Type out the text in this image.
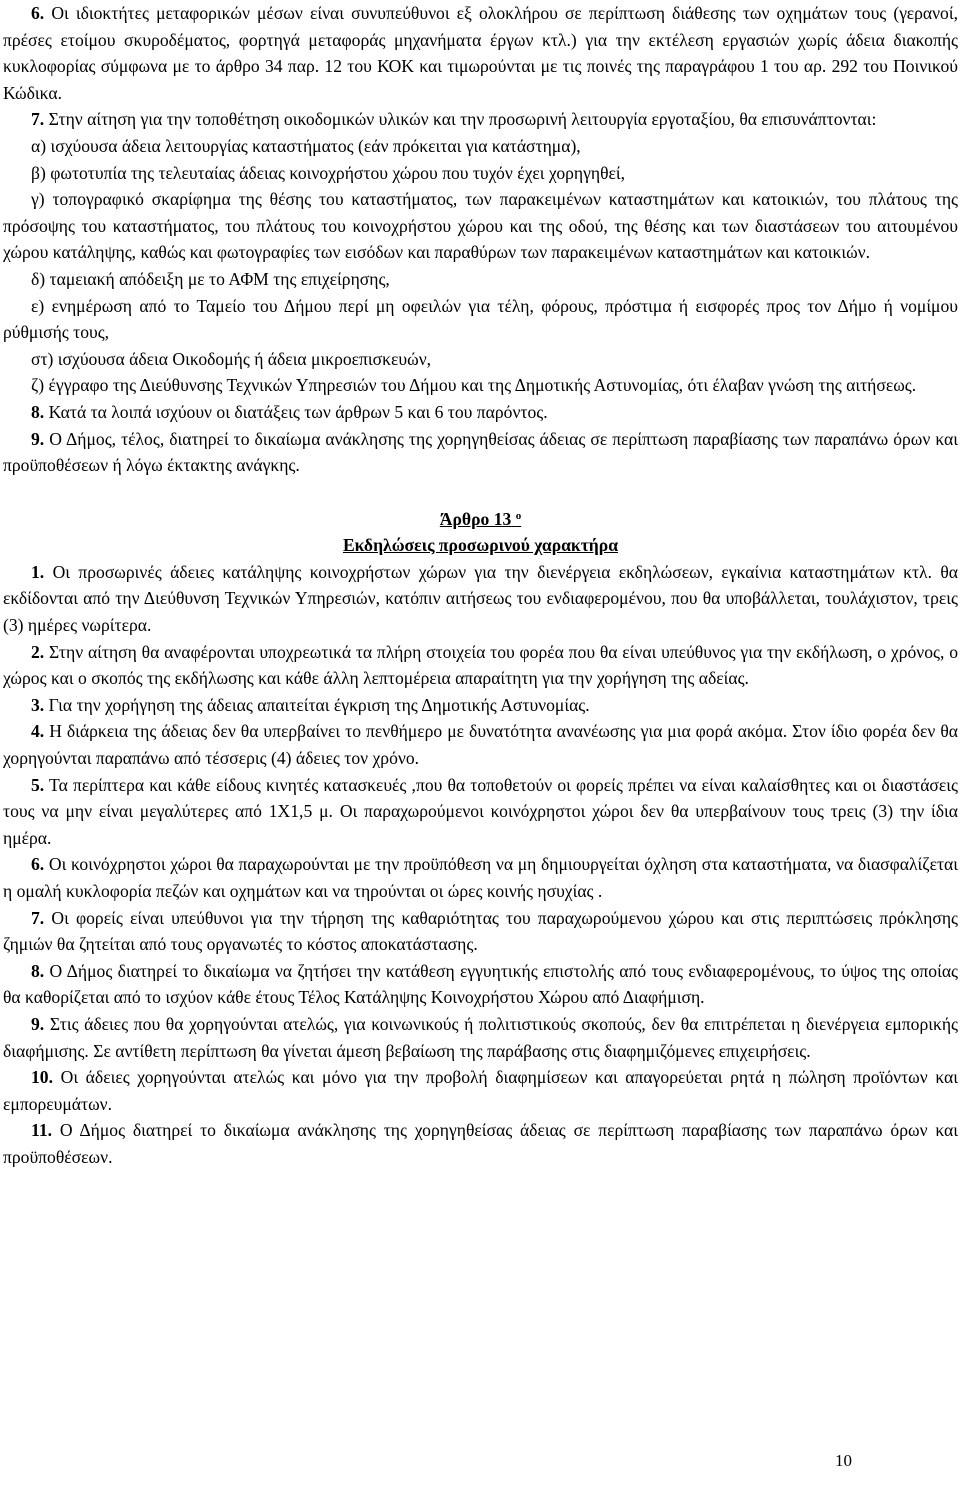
6. Οι ιδιοκτήτες μεταφορικών μέσων είναι συνυπεύθυνοι εξ ολοκλήρου σε περίπτωση διάθεσης των οχημάτων τους (γερανοί, πρέσες ετοίμου σκυροδέματος, φορτηγά μεταφοράς μηχανήματα έργων κτλ.) για την εκτέλεση εργασιών χωρίς άδεια διακοπής κυκλοφορίας σύμφωνα με το άρθρο 34 παρ. 12 του ΚΟΚ και τιμωρούνται με τις ποινές της παραγράφου 1 του αρ. 292 του Ποινικού Κώδικα.

7. Στην αίτηση για την τοποθέτηση οικοδομικών υλικών και την προσωρινή λειτουργία εργοταξίου, θα επισυνάπτονται:

α) ισχύουσα άδεια λειτουργίας καταστήματος (εάν πρόκειται για κατάστημα),

β) φωτοτυπία της τελευταίας άδειας κοινοχρήστου χώρου που τυχόν έχει χορηγηθεί,

γ) τοπογραφικό σκαρίφημα της θέσης του καταστήματος, των παρακειμένων καταστημάτων και κατοικιών, του πλάτους της πρόσοψης του καταστήματος, του πλάτους του κοινοχρήστου χώρου και της οδού, της θέσης και των διαστάσεων του αιτουμένου χώρου κατάληψης, καθώς και φωτογραφίες των εισόδων και παραθύρων των παρακειμένων καταστημάτων και κατοικιών.

δ) ταμειακή απόδειξη με το ΑΦΜ της επιχείρησης,

ε) ενημέρωση από το Ταμείο του Δήμου περί μη οφειλών για τέλη, φόρους, πρόστιμα ή εισφορές προς τον Δήμο ή νομίμου ρύθμισής τους,

στ) ισχύουσα άδεια Οικοδομής ή άδεια μικροεπισκευών,

ζ) έγγραφο της Διεύθυνσης Τεχνικών Υπηρεσιών του Δήμου και της Δημοτικής Αστυνομίας, ότι έλαβαν γνώση της αιτήσεως.

8. Κατά τα λοιπά ισχύουν οι διατάξεις των άρθρων 5 και 6 του παρόντος.

9. Ο Δήμος, τέλος, διατηρεί το δικαίωμα ανάκλησης της χορηγηθείσας άδειας σε περίπτωση παραβίασης των παραπάνω όρων και προϋποθέσεων ή λόγω έκτακτης ανάγκης.

Άρθρο 13 $^o$

Εκδηλώσεις προσωρινού χαρακτήρα

1. Οι προσωρινές άδειες κατάληψης κοινοχρήστων χώρων για την διενέργεια εκδηλώσεων, εγκαίνια καταστημάτων κτλ. θα εκδίδονται από την Διεύθυνση Τεχνικών Υπηρεσιών, κατόπιν αιτήσεως του ενδιαφερομένου, που θα υποβάλλεται, τουλάχιστον, τρεις (3) ημέρες νωρίτερα.

2. Στην αίτηση θα αναφέρονται υποχρεωτικά τα πλήρη στοιχεία του φορέα που θα είναι υπεύθυνος για την εκδήλωση, ο χρόνος, ο χώρος και ο σκοπός της εκδήλωσης και κάθε άλλη λεπτομέρεια απαραίτητη για την χορήγηση της αδείας.

3. Για την χορήγηση της άδειας απαιτείται έγκριση της Δημοτικής Αστυνομίας.

4. Η διάρκεια της άδειας δεν θα υπερβαίνει το πενθήμερο με δυνατότητα ανανέωσης για μια φορά ακόμα. Στον ίδιο φορέα δεν θα χορηγούνται παραπάνω από τέσσερις (4) άδειες τον χρόνο.

5. Τα περίπτερα και κάθε είδους κινητές κατασκευές ,που θα τοποθετούν οι φορείς πρέπει να είναι καλαίσθητες και οι διαστάσεις τους να μην είναι μεγαλύτερες από 1Χ1,5 μ. Οι παραχωρούμενοι κοινόχρηστοι χώροι δεν θα υπερβαίνουν τους τρεις (3) την ίδια ημέρα.

6. Οι κοινόχρηστοι χώροι θα παραχωρούνται με την προϋπόθεση να μη δημιουργείται όχληση στα καταστήματα, να διασφαλίζεται η ομαλή κυκλοφορία πεζών και οχημάτων και να τηρούνται οι ώρες κοινής ησυχίας .

7. Οι φορείς είναι υπεύθυνοι για την τήρηση της καθαριότητας του παραχωρούμενου χώρου και στις περιπτώσεις πρόκλησης ζημιών θα ζητείται από τους οργανωτές το κόστος αποκατάστασης.

8. Ο Δήμος διατηρεί το δικαίωμα να ζητήσει την κατάθεση εγγυητικής επιστολής από τους ενδιαφερομένους, το ύψος της οποίας θα καθορίζεται από το ισχύον κάθε έτους Τέλος Κατάληψης Κοινοχρήστου Χώρου από Διαφήμιση.

9. Στις άδειες που θα χορηγούνται ατελώς, για κοινωνικούς ή πολιτιστικούς σκοπούς, δεν θα επιτρέπεται η διενέργεια εμπορικής διαφήμισης. Σε αντίθετη περίπτωση θα γίνεται άμεση βεβαίωση της παράβασης στις διαφημιζόμενες επιχειρήσεις.

10. Οι άδειες χορηγούνται ατελώς και μόνο για την προβολή διαφημίσεων και απαγορεύεται ρητά η πώληση προϊόντων και εμπορευμάτων.

11. Ο Δήμος διατηρεί το δικαίωμα ανάκλησης της χορηγηθείσας άδειας σε περίπτωση παραβίασης των παραπάνω όρων και προϋποθέσεων.

10
